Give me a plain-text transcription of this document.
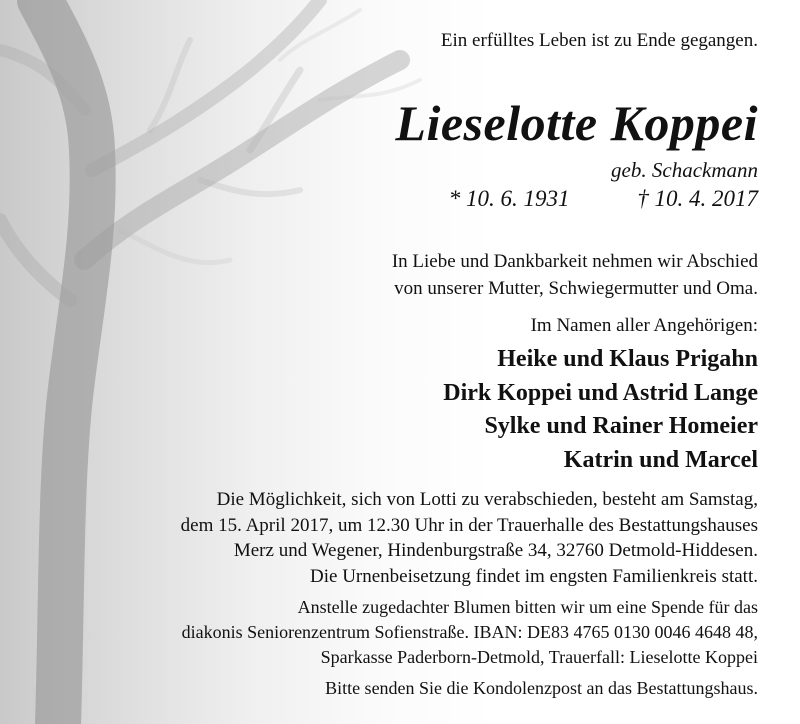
Ein erfülltes Leben ist zu Ende gegangen.

Lieselotte Koppei

geb. Schackmann

* 10. 6. 1931	† 10. 4. 2017

In Liebe und Dankbarkeit nehmen wir Abschied
von unserer Mutter, Schwiegermutter und Oma.

Im Namen aller Angehörigen:

Heike und Klaus Prigahn
Dirk Koppei und Astrid Lange
Sylke und Rainer Homeier
Katrin und Marcel

Die Möglichkeit, sich von Lotti zu verabschieden, besteht am Samstag,
dem 15. April 2017, um 12.30 Uhr in der Trauerhalle des Bestattungshauses
Merz und Wegener, Hindenburgstraße 34, 32760 Detmold-Hiddesen.
Die Urnenbeisetzung findet im engsten Familienkreis statt.

Anstelle zugedachter Blumen bitten wir um eine Spende für das
diakonis Seniorenzentrum Sofienstraße. IBAN: DE83 4765 0130 0046 4648 48,
Sparkasse Paderborn-Detmold, Trauerfall: Lieselotte Koppei

Bitte senden Sie die Kondolenzpost an das Bestattungshaus.
